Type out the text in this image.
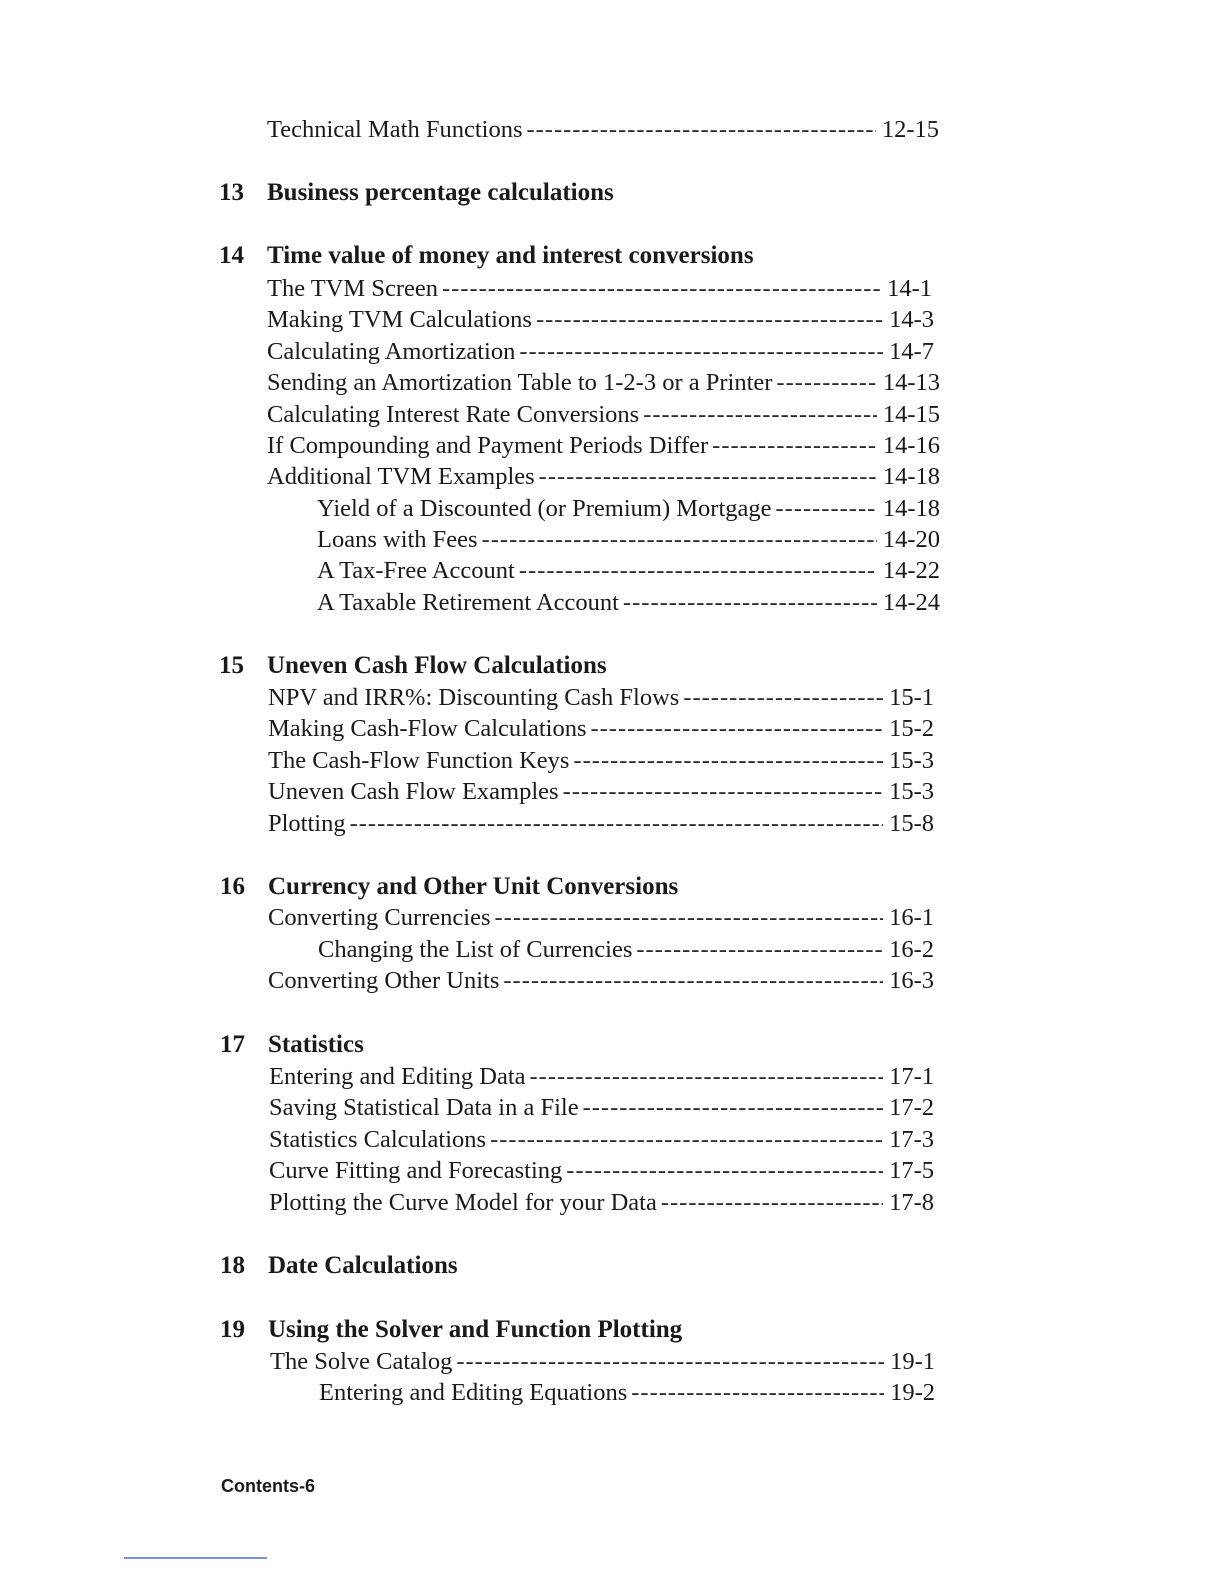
Technical Math Functions -----	12-15
13 Business percentage calculations
14 Time value of money and interest conversions
The TVM Screen -----	14-1
Making TVM Calculations -----	14-3
Calculating Amortization -----	14-7
Sending an Amortization Table to 1-2-3 or a Printer -----	14-13
Calculating Interest Rate Conversions -----	14-15
If Compounding and Payment Periods Differ -----	14-16
Additional TVM Examples -----	14-18
Yield of a Discounted (or Premium) Mortgage -----	14-18
Loans with Fees -----	14-20
A Tax-Free Account -----	14-22
A Taxable Retirement Account -----	14-24
15 Uneven Cash Flow Calculations
NPV and IRR%: Discounting Cash Flows -----	15-1
Making Cash-Flow Calculations -----	15-2
The Cash-Flow Function Keys -----	15-3
Uneven Cash Flow Examples -----	15-3
Plotting -----	15-8
16 Currency and Other Unit Conversions
Converting Currencies -----	16-1
Changing the List of Currencies -----	16-2
Converting Other Units -----	16-3
17 Statistics
Entering and Editing Data -----	17-1
Saving Statistical Data in a File -----	17-2
Statistics Calculations -----	17-3
Curve Fitting and Forecasting -----	17-5
Plotting the Curve Model for your Data -----	17-8
18 Date Calculations
19 Using the Solver and Function Plotting
The Solve Catalog -----	19-1
Entering and Editing Equations -----	19-2
Contents-6
